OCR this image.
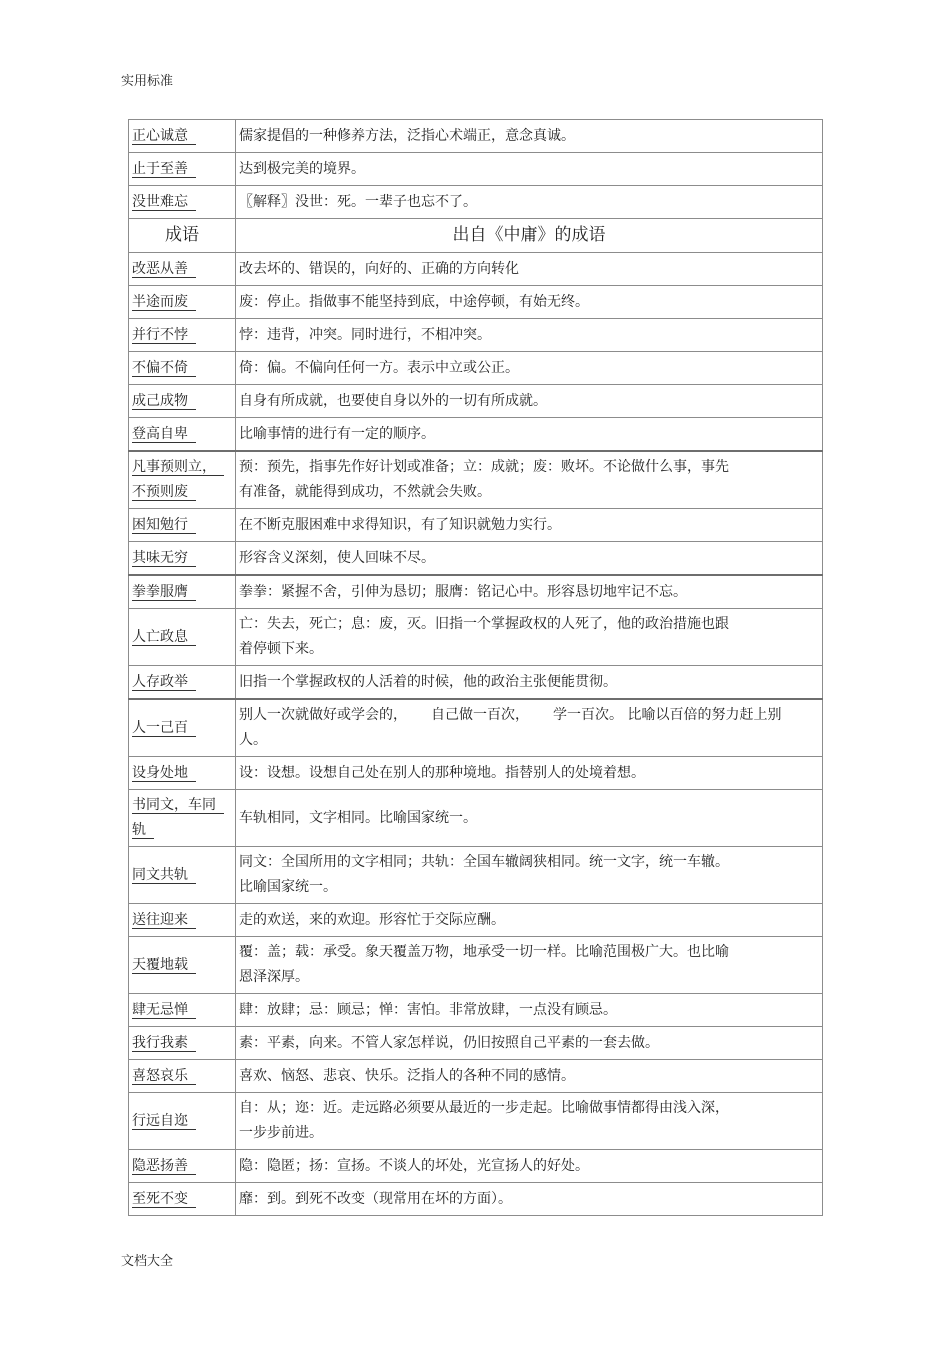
实用标准
正心诚意	儒家提倡的一种修养方法，泛指心术端正，意念真诚。
止于至善	达到极完美的境界。
没世难忘	〖解释〗没世：死。一辈子也忘不了。
成语	出自《中庸》的成语
改恶从善	改去坏的、错误的，向好的、正确的方向转化
半途而废	废：停止。指做事不能坚持到底，中途停顿，有始无终。
并行不悖	悖：违背，冲突。同时进行，不相冲突。
不偏不倚	倚：偏。不偏向任何一方。表示中立或公正。
成己成物	自身有所成就，也要使自身以外的一切有所成就。
登高自卑	比喻事情的进行有一定的顺序。
凡事预则立，
不预则废	预：预先，指事先作好计划或准备；立：成就；废：败坏。不论做什么事，事先
有准备，就能得到成功，不然就会失败。
困知勉行	在不断克服困难中求得知识，有了知识就勉力实行。
其味无穷	形容含义深刻，使人回味不尽。
拳拳服膺	拳拳：紧握不舍，引伸为恳切；服膺：铭记心中。形容恳切地牢记不忘。
人亡政息	亡：失去，死亡；息：废，灭。旧指一个掌握政权的人死了，他的政治措施也跟
着停顿下来。
人存政举	旧指一个掌握政权的人活着的时候，他的政治主张便能贯彻。
人一己百	别人一次就做好或学会的， 自己做一百次， 学一百次。 比喻以百倍的努力赶上别
人。
设身处地	设：设想。设想自己处在别人的那种境地。指替别人的处境着想。
书同文，车同
轨	车轨相同，文字相同。比喻国家统一。
同文共轨	同文：全国所用的文字相同；共轨：全国车辙阔狭相同。统一文字，统一车辙。
比喻国家统一。
送往迎来	走的欢送，来的欢迎。形容忙于交际应酬。
天覆地载	覆：盖；载：承受。象天覆盖万物，地承受一切一样。比喻范围极广大。也比喻
恩泽深厚。
肆无忌惮	肆：放肆；忌：顾忌；惮：害怕。非常放肆，一点没有顾忌。
我行我素	素：平素，向来。不管人家怎样说，仍旧按照自己平素的一套去做。
喜怒哀乐	喜欢、恼怒、悲哀、快乐。泛指人的各种不同的感情。
行远自迩	自：从；迩：近。走远路必须要从最近的一步走起。比喻做事情都得由浅入深，
一步步前进。
隐恶扬善	隐：隐匿；扬：宣扬。不谈人的坏处，光宣扬人的好处。
至死不变	靡：到。到死不改变（现常用在坏的方面）。
文档大全
